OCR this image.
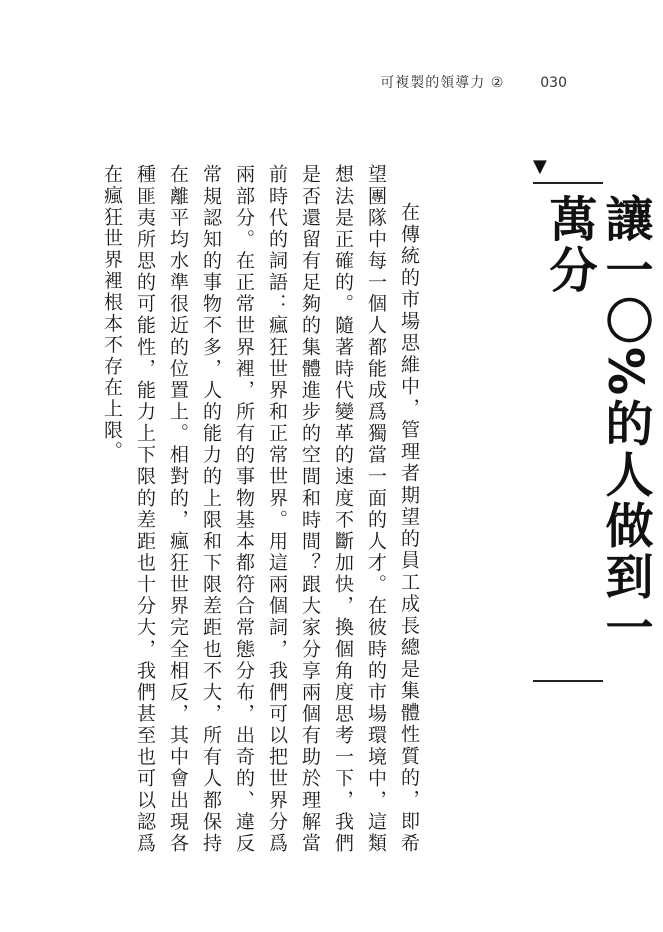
可複製的領導力 ②	030
▼
讓一〇%的人做到一萬分

在傳統的市場思維中，管理者期望的員工成長總是集體性質的，即希望團隊中每一個人都能成爲獨當一面的人才。在彼時的市場環境中，這類想法是正確的。隨著時代變革的速度不斷加快，換個角度思考一下，我們是否還留有足夠的集體進步的空間和時間？跟大家分享兩個有助於理解當前時代的詞語：瘋狂世界和正常世界。用這兩個詞，我們可以把世界分爲兩部分。在正常世界裡，所有的事物基本都符合常態分布，出奇的、違反常規認知的事物不多，人的能力的上限和下限差距也不大，所有人都保持在離平均水準很近的位置上。相對的，瘋狂世界完全相反，其中會出現各種匪夷所思的可能性，能力上下限的差距也十分大，我們甚至也可以認爲在瘋狂世界裡根本不存在上限。
